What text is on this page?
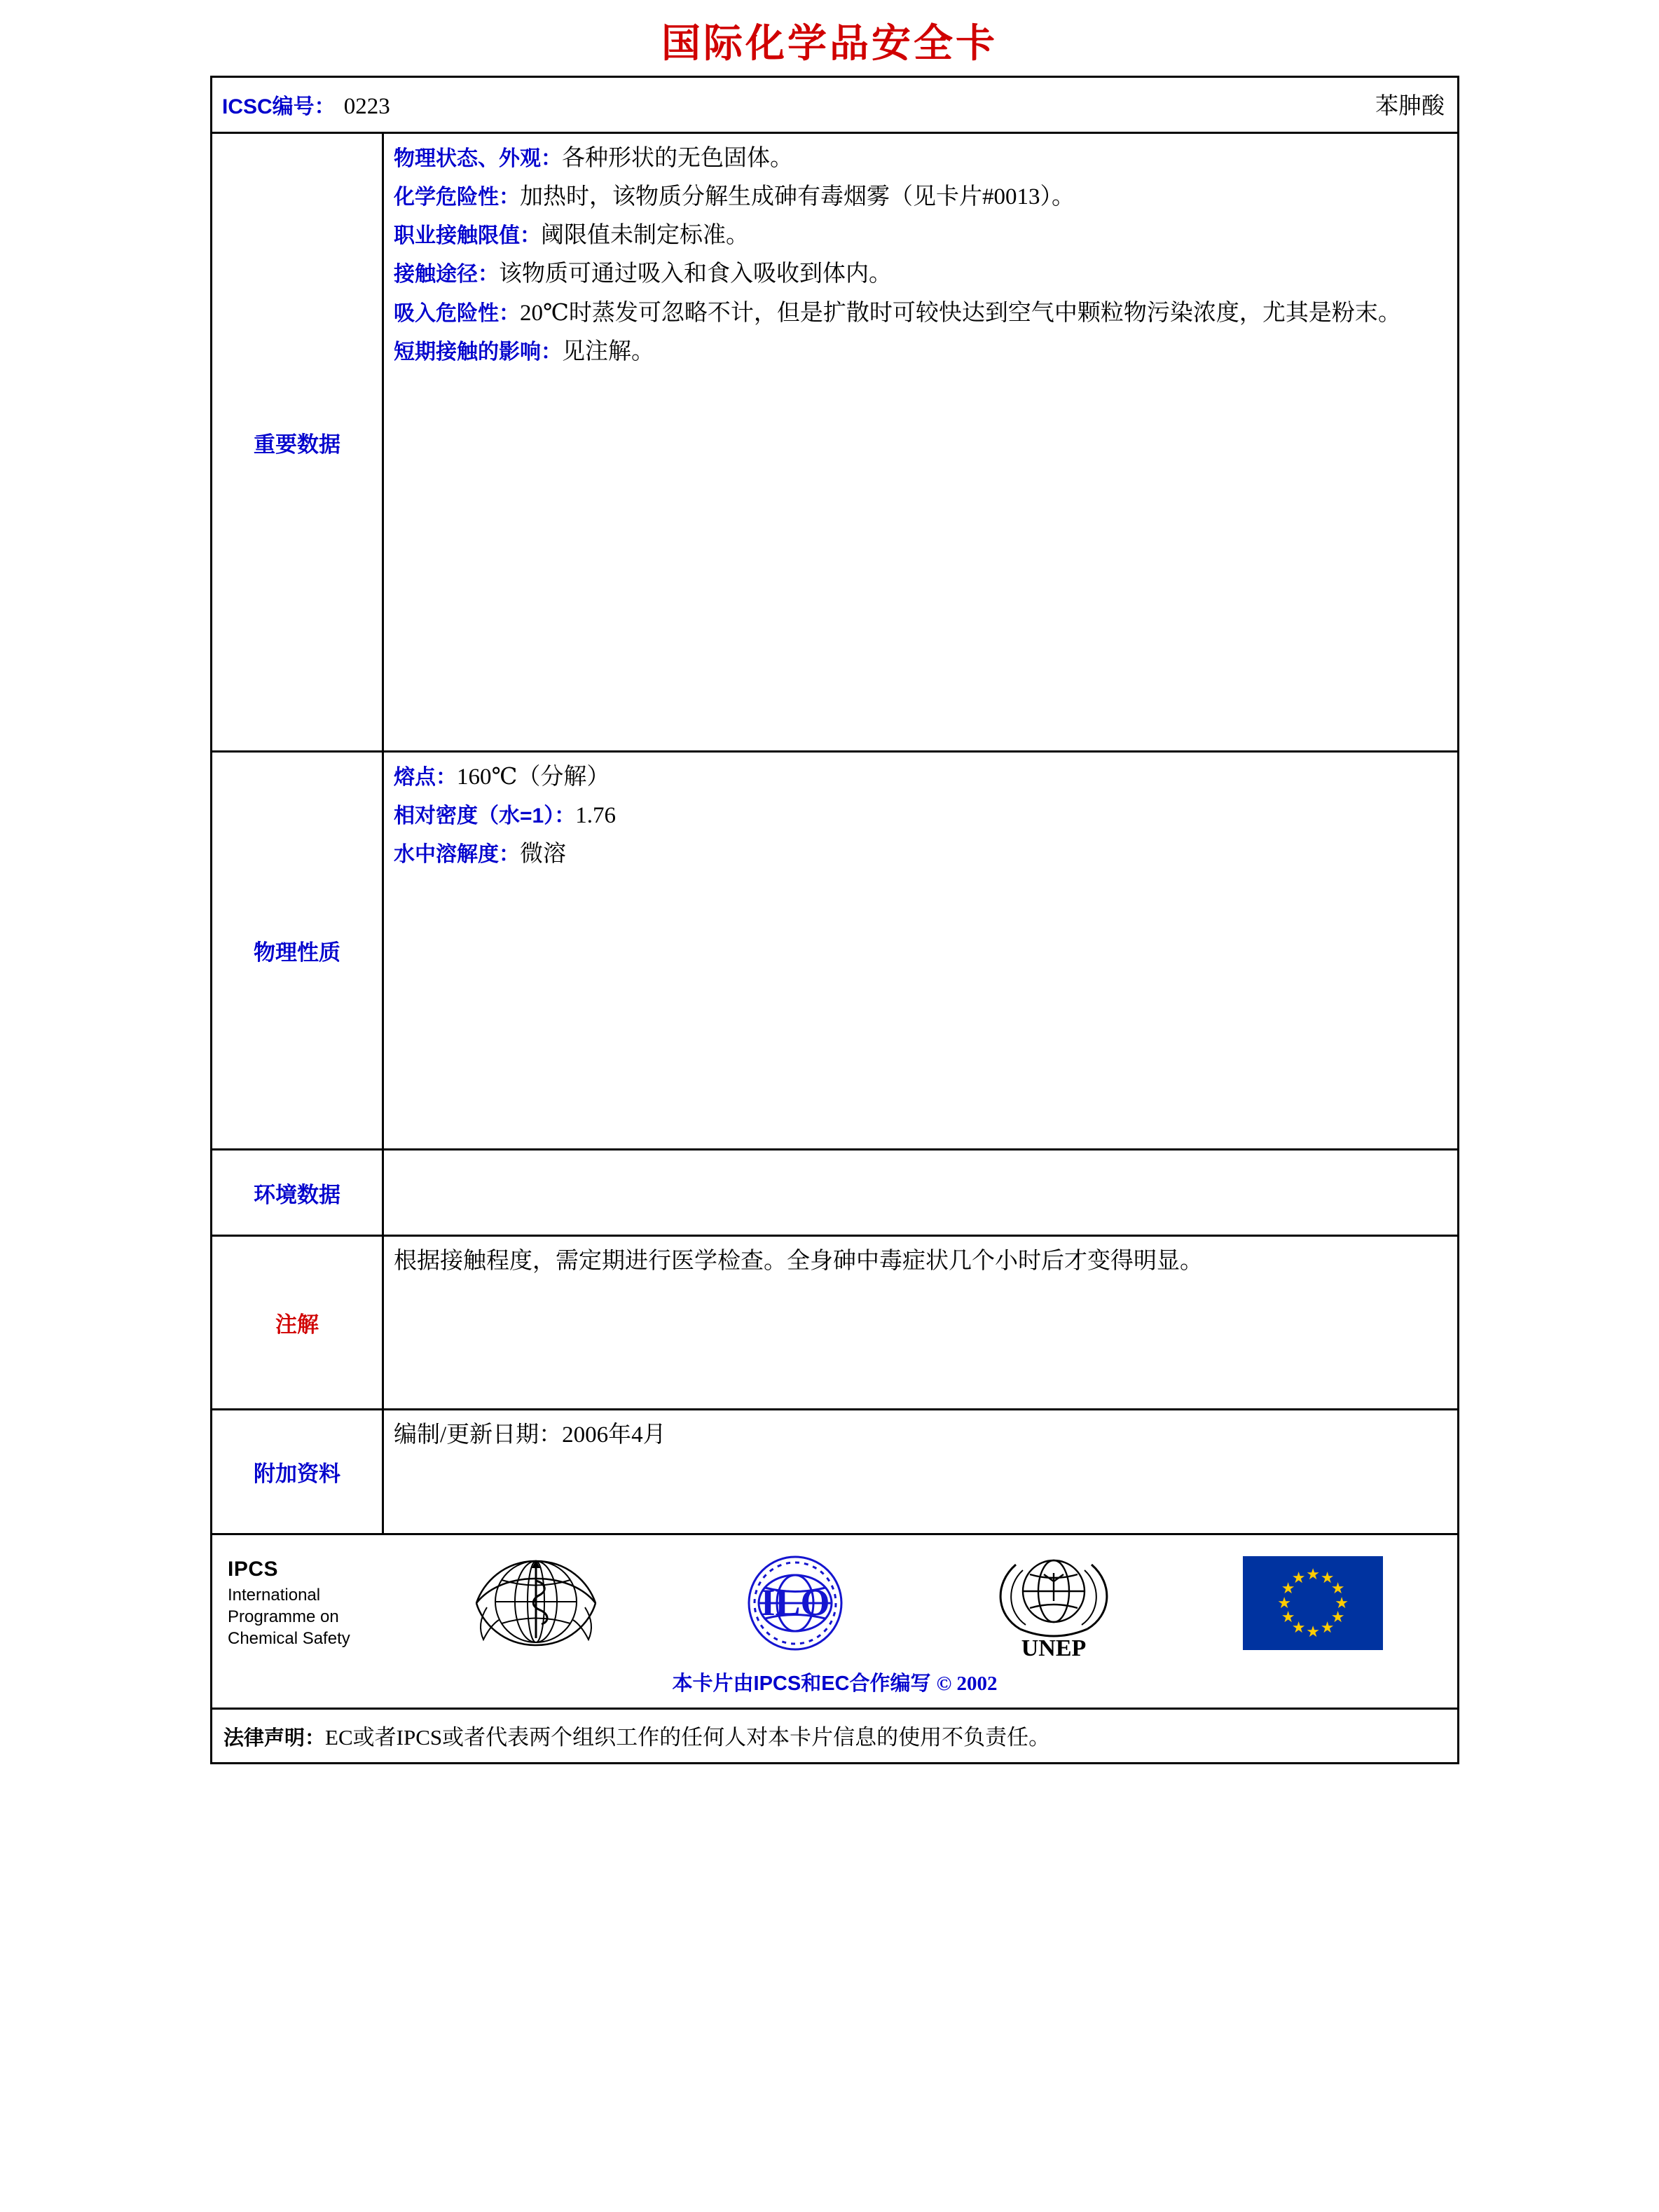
国际化学品安全卡
ICSC编号： 0223	苯胂酸
重要数据

物理状态、外观：各种形状的无色固体。

化学危险性：加热时，该物质分解生成砷有毒烟雾（见卡片#0013）。

职业接触限值：阈限值未制定标准。

接触途径：该物质可通过吸入和食入吸收到体内。

吸入危险性：20℃时蒸发可忽略不计，但是扩散时可较快达到空气中颗粒物污染浓度，尤其是粉末。

短期接触的影响：见注解。

物理性质

熔点：160℃（分解）

相对密度（水=1）：1.76

水中溶解度：微溶

环境数据

注解

根据接触程度，需定期进行医学检查。全身砷中毒症状几个小时后才变得明显。

附加资料

编制/更新日期：2006年4月

IPCS
International
Programme on
Chemical Safety
ILO
UNEP
★ ★
★
★
★
★
★
★
★
★
★
★
本卡片由IPCS和EC合作编写 © 2002
法律声明： EC或者IPCS或者代表两个组织工作的任何人对本卡片信息的使用不负责任。
